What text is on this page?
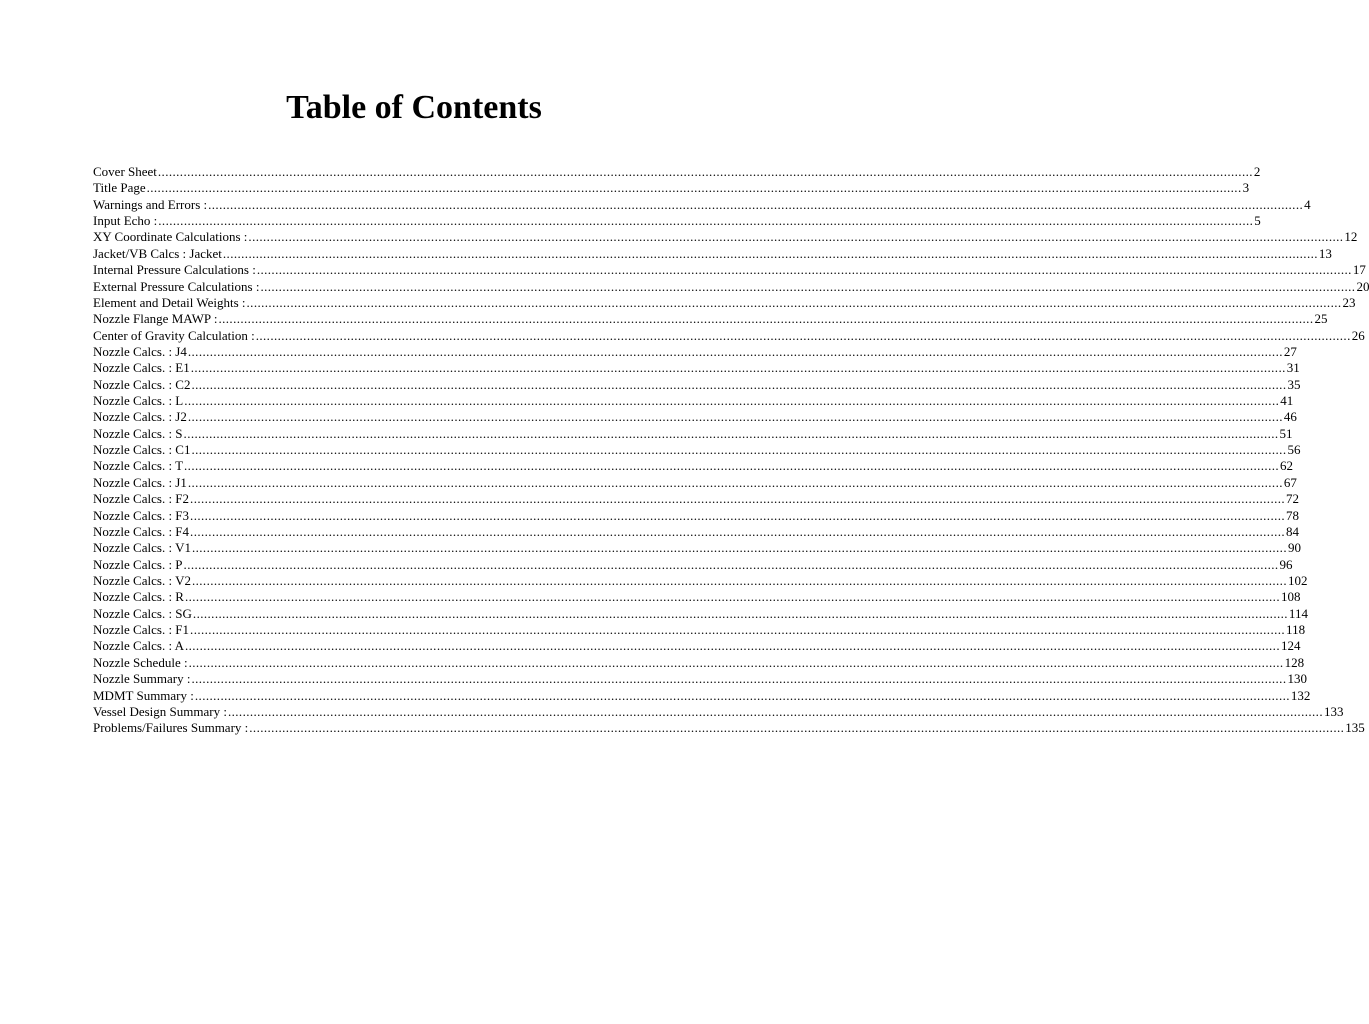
Table of Contents
Cover Sheet ............................................................................................................................................................................................................................................................................................................ 2
Title Page ............................................................................................................................................................................................................................................................................................................ 3
Warnings and Errors : ............................................................................................................................................................................................................................................................................................................ 4
Input Echo : ............................................................................................................................................................................................................................................................................................................ 5
XY Coordinate Calculations : ............................................................................................................................................................................................................................................................................................................ 12
Jacket/VB Calcs : Jacket ............................................................................................................................................................................................................................................................................................................ 13
Internal Pressure Calculations : ............................................................................................................................................................................................................................................................................................................ 17
External Pressure Calculations : ............................................................................................................................................................................................................................................................................................................ 20
Element and Detail Weights : ............................................................................................................................................................................................................................................................................................................ 23
Nozzle Flange MAWP : ............................................................................................................................................................................................................................................................................................................ 25
Center of Gravity Calculation : ............................................................................................................................................................................................................................................................................................................ 26
Nozzle Calcs. : J4 ............................................................................................................................................................................................................................................................................................................ 27
Nozzle Calcs. : E1 ............................................................................................................................................................................................................................................................................................................ 31
Nozzle Calcs. : C2 ............................................................................................................................................................................................................................................................................................................ 35
Nozzle Calcs. : L ............................................................................................................................................................................................................................................................................................................ 41
Nozzle Calcs. : J2 ............................................................................................................................................................................................................................................................................................................ 46
Nozzle Calcs. : S ............................................................................................................................................................................................................................................................................................................ 51
Nozzle Calcs. : C1 ............................................................................................................................................................................................................................................................................................................ 56
Nozzle Calcs. : T ............................................................................................................................................................................................................................................................................................................ 62
Nozzle Calcs. : J1 ............................................................................................................................................................................................................................................................................................................ 67
Nozzle Calcs. : F2 ............................................................................................................................................................................................................................................................................................................ 72
Nozzle Calcs. : F3 ............................................................................................................................................................................................................................................................................................................ 78
Nozzle Calcs. : F4 ............................................................................................................................................................................................................................................................................................................ 84
Nozzle Calcs. : V1 ............................................................................................................................................................................................................................................................................................................ 90
Nozzle Calcs. : P ............................................................................................................................................................................................................................................................................................................ 96
Nozzle Calcs. : V2 ............................................................................................................................................................................................................................................................................................................ 102
Nozzle Calcs. : R ............................................................................................................................................................................................................................................................................................................ 108
Nozzle Calcs. : SG ............................................................................................................................................................................................................................................................................................................ 114
Nozzle Calcs. : F1 ............................................................................................................................................................................................................................................................................................................ 118
Nozzle Calcs. : A ............................................................................................................................................................................................................................................................................................................ 124
Nozzle Schedule : ............................................................................................................................................................................................................................................................................................................ 128
Nozzle Summary : ............................................................................................................................................................................................................................................................................................................ 130
MDMT Summary : ............................................................................................................................................................................................................................................................................................................ 132
Vessel Design Summary : ............................................................................................................................................................................................................................................................................................................ 133
Problems/Failures Summary : ............................................................................................................................................................................................................................................................................................................ 135
